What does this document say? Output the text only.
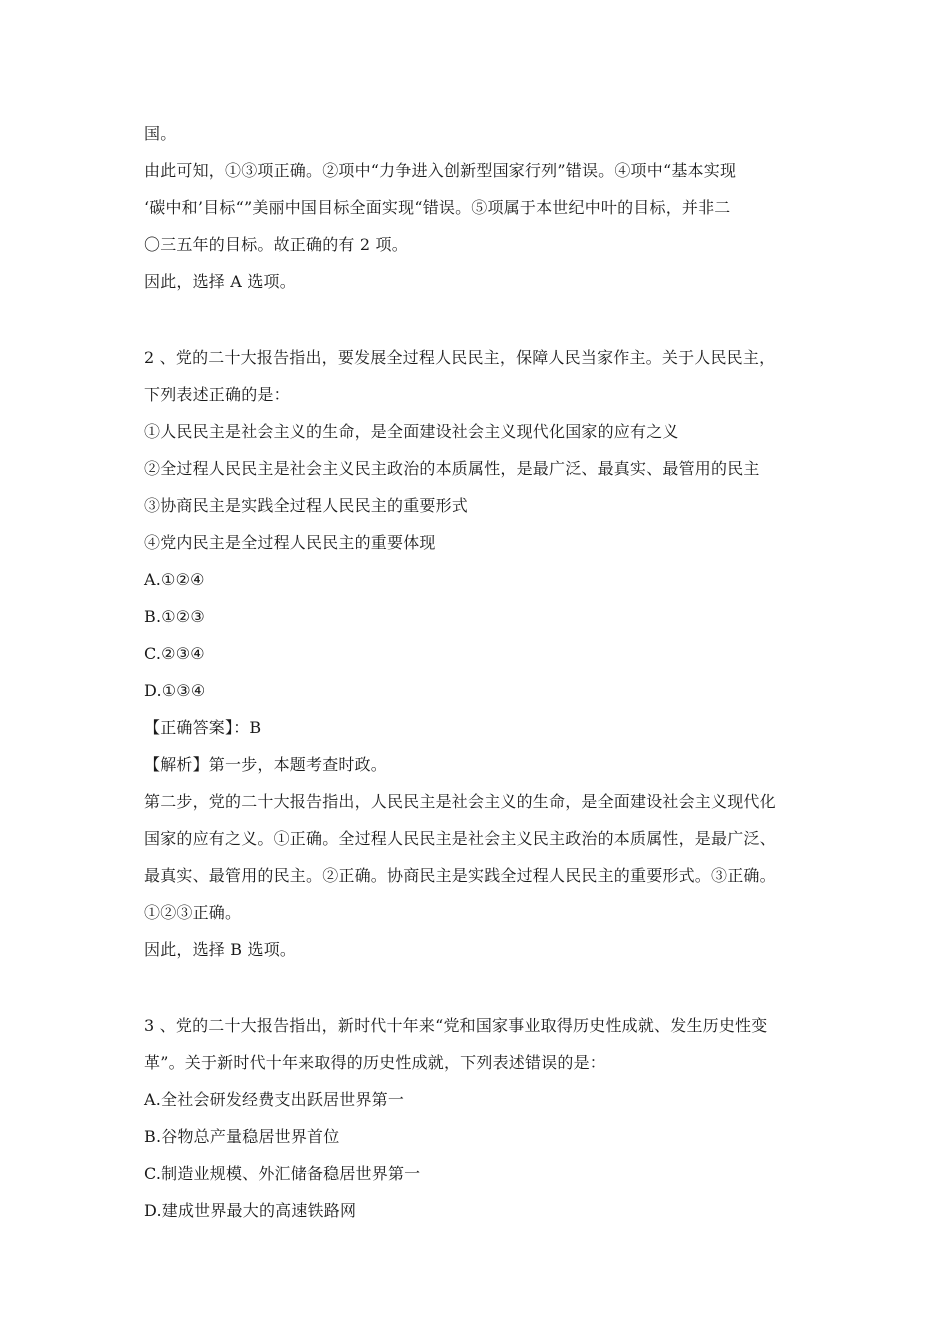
国。
由此可知，①③项正确。②项中“力争进入创新型国家行列”错误。④项中“基本实现
‘碳中和’目标“”美丽中国目标全面实现“错误。⑤项属于本世纪中叶的目标，并非二
〇三五年的目标。故正确的有 2 项。
因此，选择 A 选项。
2 、党的二十大报告指出，要发展全过程人民民主，保障人民当家作主。关于人民民主，
下列表述正确的是：
①人民民主是社会主义的生命，是全面建设社会主义现代化国家的应有之义
②全过程人民民主是社会主义民主政治的本质属性，是最广泛、最真实、最管用的民主
③协商民主是实践全过程人民民主的重要形式
④党内民主是全过程人民民主的重要体现
A.①②④
B.①②③
C.②③④
D.①③④
【正确答案】：B
【解析】第一步，本题考查时政。
第二步，党的二十大报告指出，人民民主是社会主义的生命，是全面建设社会主义现代化
国家的应有之义。①正确。全过程人民民主是社会主义民主政治的本质属性，是最广泛、
最真实、最管用的民主。②正确。协商民主是实践全过程人民民主的重要形式。③正确。
①②③正确。
因此，选择 B 选项。
3 、党的二十大报告指出，新时代十年来“党和国家事业取得历史性成就、发生历史性变
革”。关于新时代十年来取得的历史性成就，下列表述错误的是：
A.全社会研发经费支出跃居世界第一
B.谷物总产量稳居世界首位
C.制造业规模、外汇储备稳居世界第一
D.建成世界最大的高速铁路网
